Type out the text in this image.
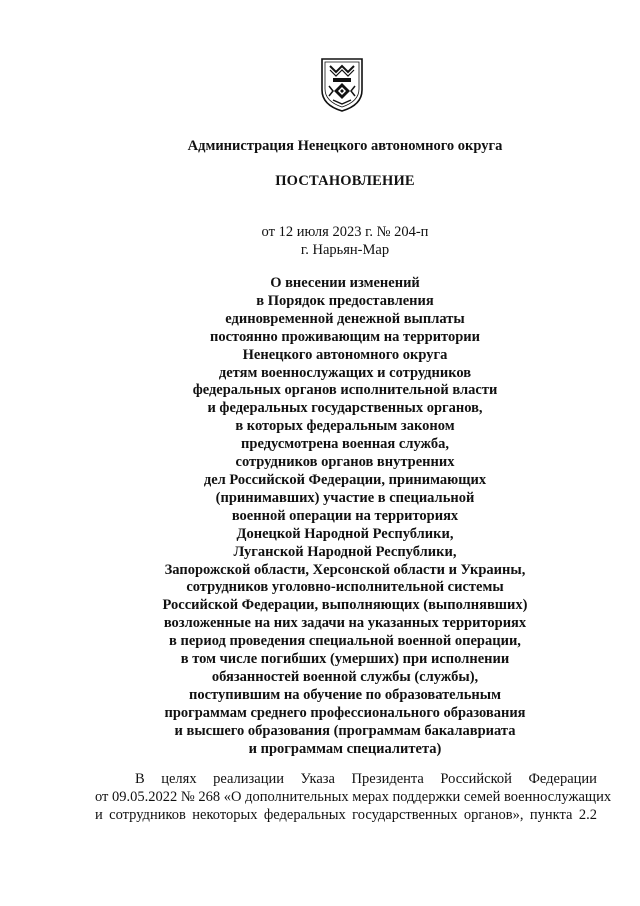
Администрация Ненецкого автономного округа
ПОСТАНОВЛЕНИЕ
от 12 июля 2023 г. № 204-п
г. Нарьян-Мар
О внесении изменений
в Порядок предоставления
единовременной денежной выплаты
постоянно проживающим на территории
Ненецкого автономного округа
детям военнослужащих и сотрудников
федеральных органов исполнительной власти
и федеральных государственных органов,
в которых федеральным законом
предусмотрена военная служба,
сотрудников органов внутренних
дел Российской Федерации, принимающих
(принимавших) участие в специальной
военной операции на территориях
Донецкой Народной Республики,
Луганской Народной Республики,
Запорожской области, Херсонской области и Украины,
сотрудников уголовно-исполнительной системы
Российской Федерации, выполняющих (выполнявших)
возложенные на них задачи на указанных территориях
в период проведения специальной военной операции,
в том числе погибших (умерших) при исполнении
обязанностей военной службы (службы),
поступившим на обучение по образовательным
программам среднего профессионального образования
и высшего образования (программам бакалавриата
и программам специалитета)
В целях реализации Указа Президента Российской Федерации
от 09.05.2022 № 268 «О дополнительных мерах поддержки семей военнослужащих
и сотрудников некоторых федеральных государственных органов», пункта 2.2
